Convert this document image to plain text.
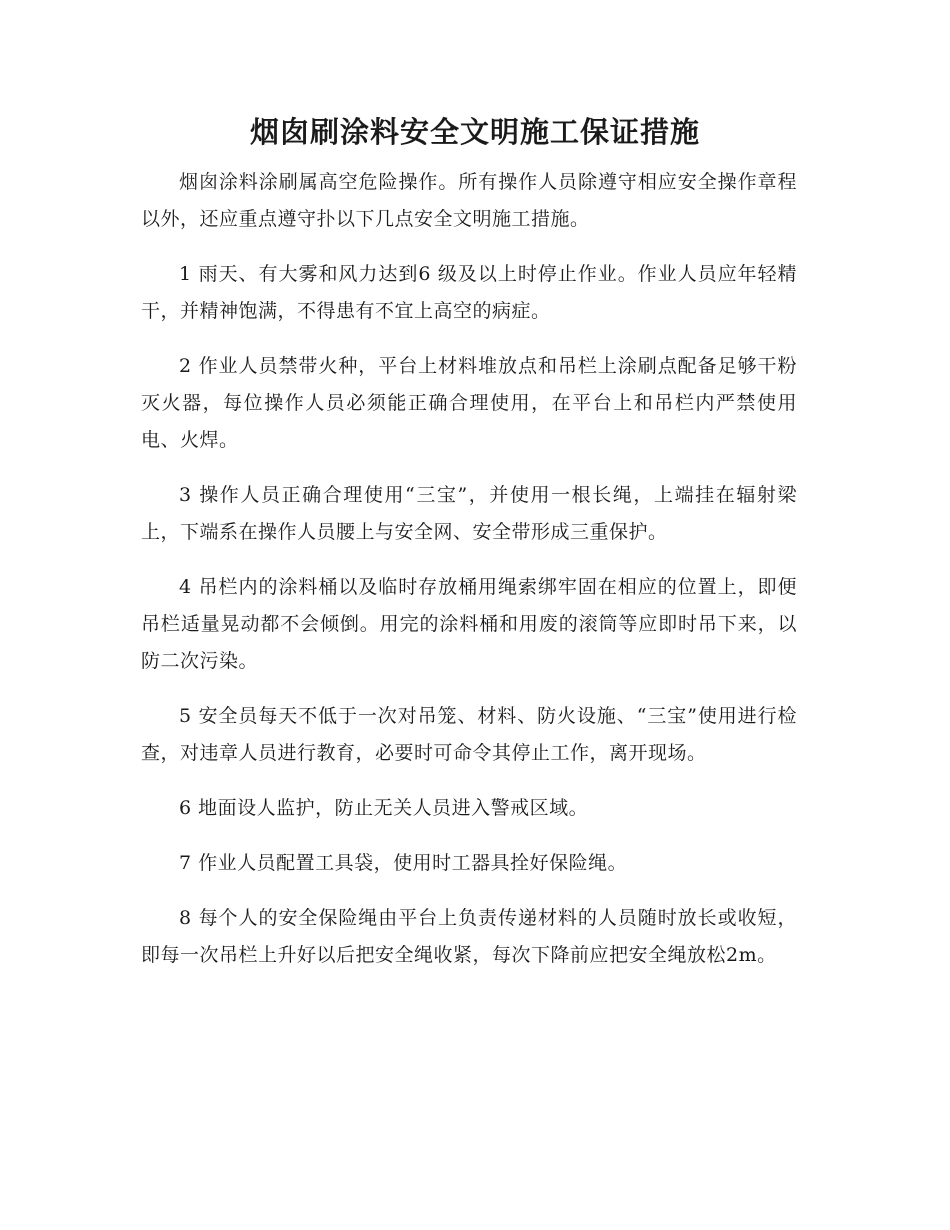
烟囱刷涂料安全文明施工保证措施

烟囱涂料涂刷属高空危险操作。所有操作人员除遵守相应安全操作章程以外，还应重点遵守扑以下几点安全文明施工措施。

1 雨天、有大雾和风力达到6 级及以上时停止作业。作业人员应年轻精干，并精神饱满，不得患有不宜上高空的病症。

2 作业人员禁带火种，平台上材料堆放点和吊栏上涂刷点配备足够干粉灭火器，每位操作人员必须能正确合理使用，在平台上和吊栏内严禁使用电、火焊。

3 操作人员正确合理使用“三宝”，并使用一根长绳，上端挂在辐射梁上，下端系在操作人员腰上与安全网、安全带形成三重保护。

4 吊栏内的涂料桶以及临时存放桶用绳索绑牢固在相应的位置上，即便吊栏适量晃动都不会倾倒。用完的涂料桶和用废的滚筒等应即时吊下来，以防二次污染。

5 安全员每天不低于一次对吊笼、材料、防火设施、“三宝”使用进行检查，对违章人员进行教育，必要时可命令其停止工作，离开现场。

6 地面设人监护，防止无关人员进入警戒区域。

7 作业人员配置工具袋，使用时工器具拴好保险绳。

8 每个人的安全保险绳由平台上负责传递材料的人员随时放长或收短，即每一次吊栏上升好以后把安全绳收紧，每次下降前应把安全绳放松2m。
